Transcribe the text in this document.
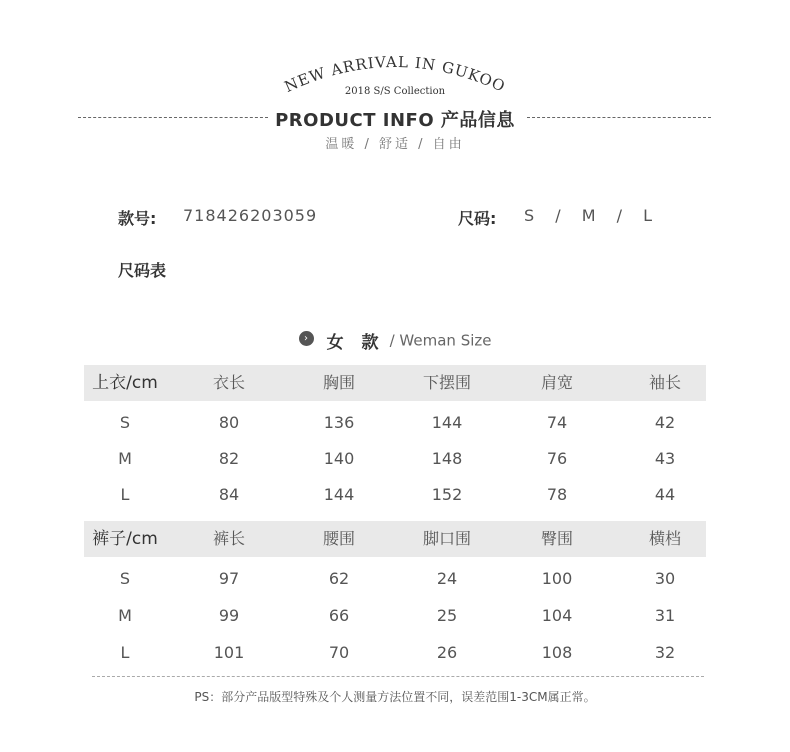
NEW ARRIVAL IN GUKOO
2018 S/S Collection
PRODUCT INFO 产品信息
温暖 / 舒适 / 自由
款号: 718426203059	尺码: S / M / L
尺码表
› 女 款 / Weman Size
上衣/cm	衣长	胸围	下摆围	肩宽	袖长
S	80	136	144	74	42
M	82	140	148	76	43
L	84	144	152	78	44
裤子/cm	裤长	腰围	脚口围	臀围	横档
S	97	62	24	100	30
M	99	66	25	104	31
L	101	70	26	108	32
PS：部分产品版型特殊及个人测量方法位置不同，误差范围1-3CM属正常。
